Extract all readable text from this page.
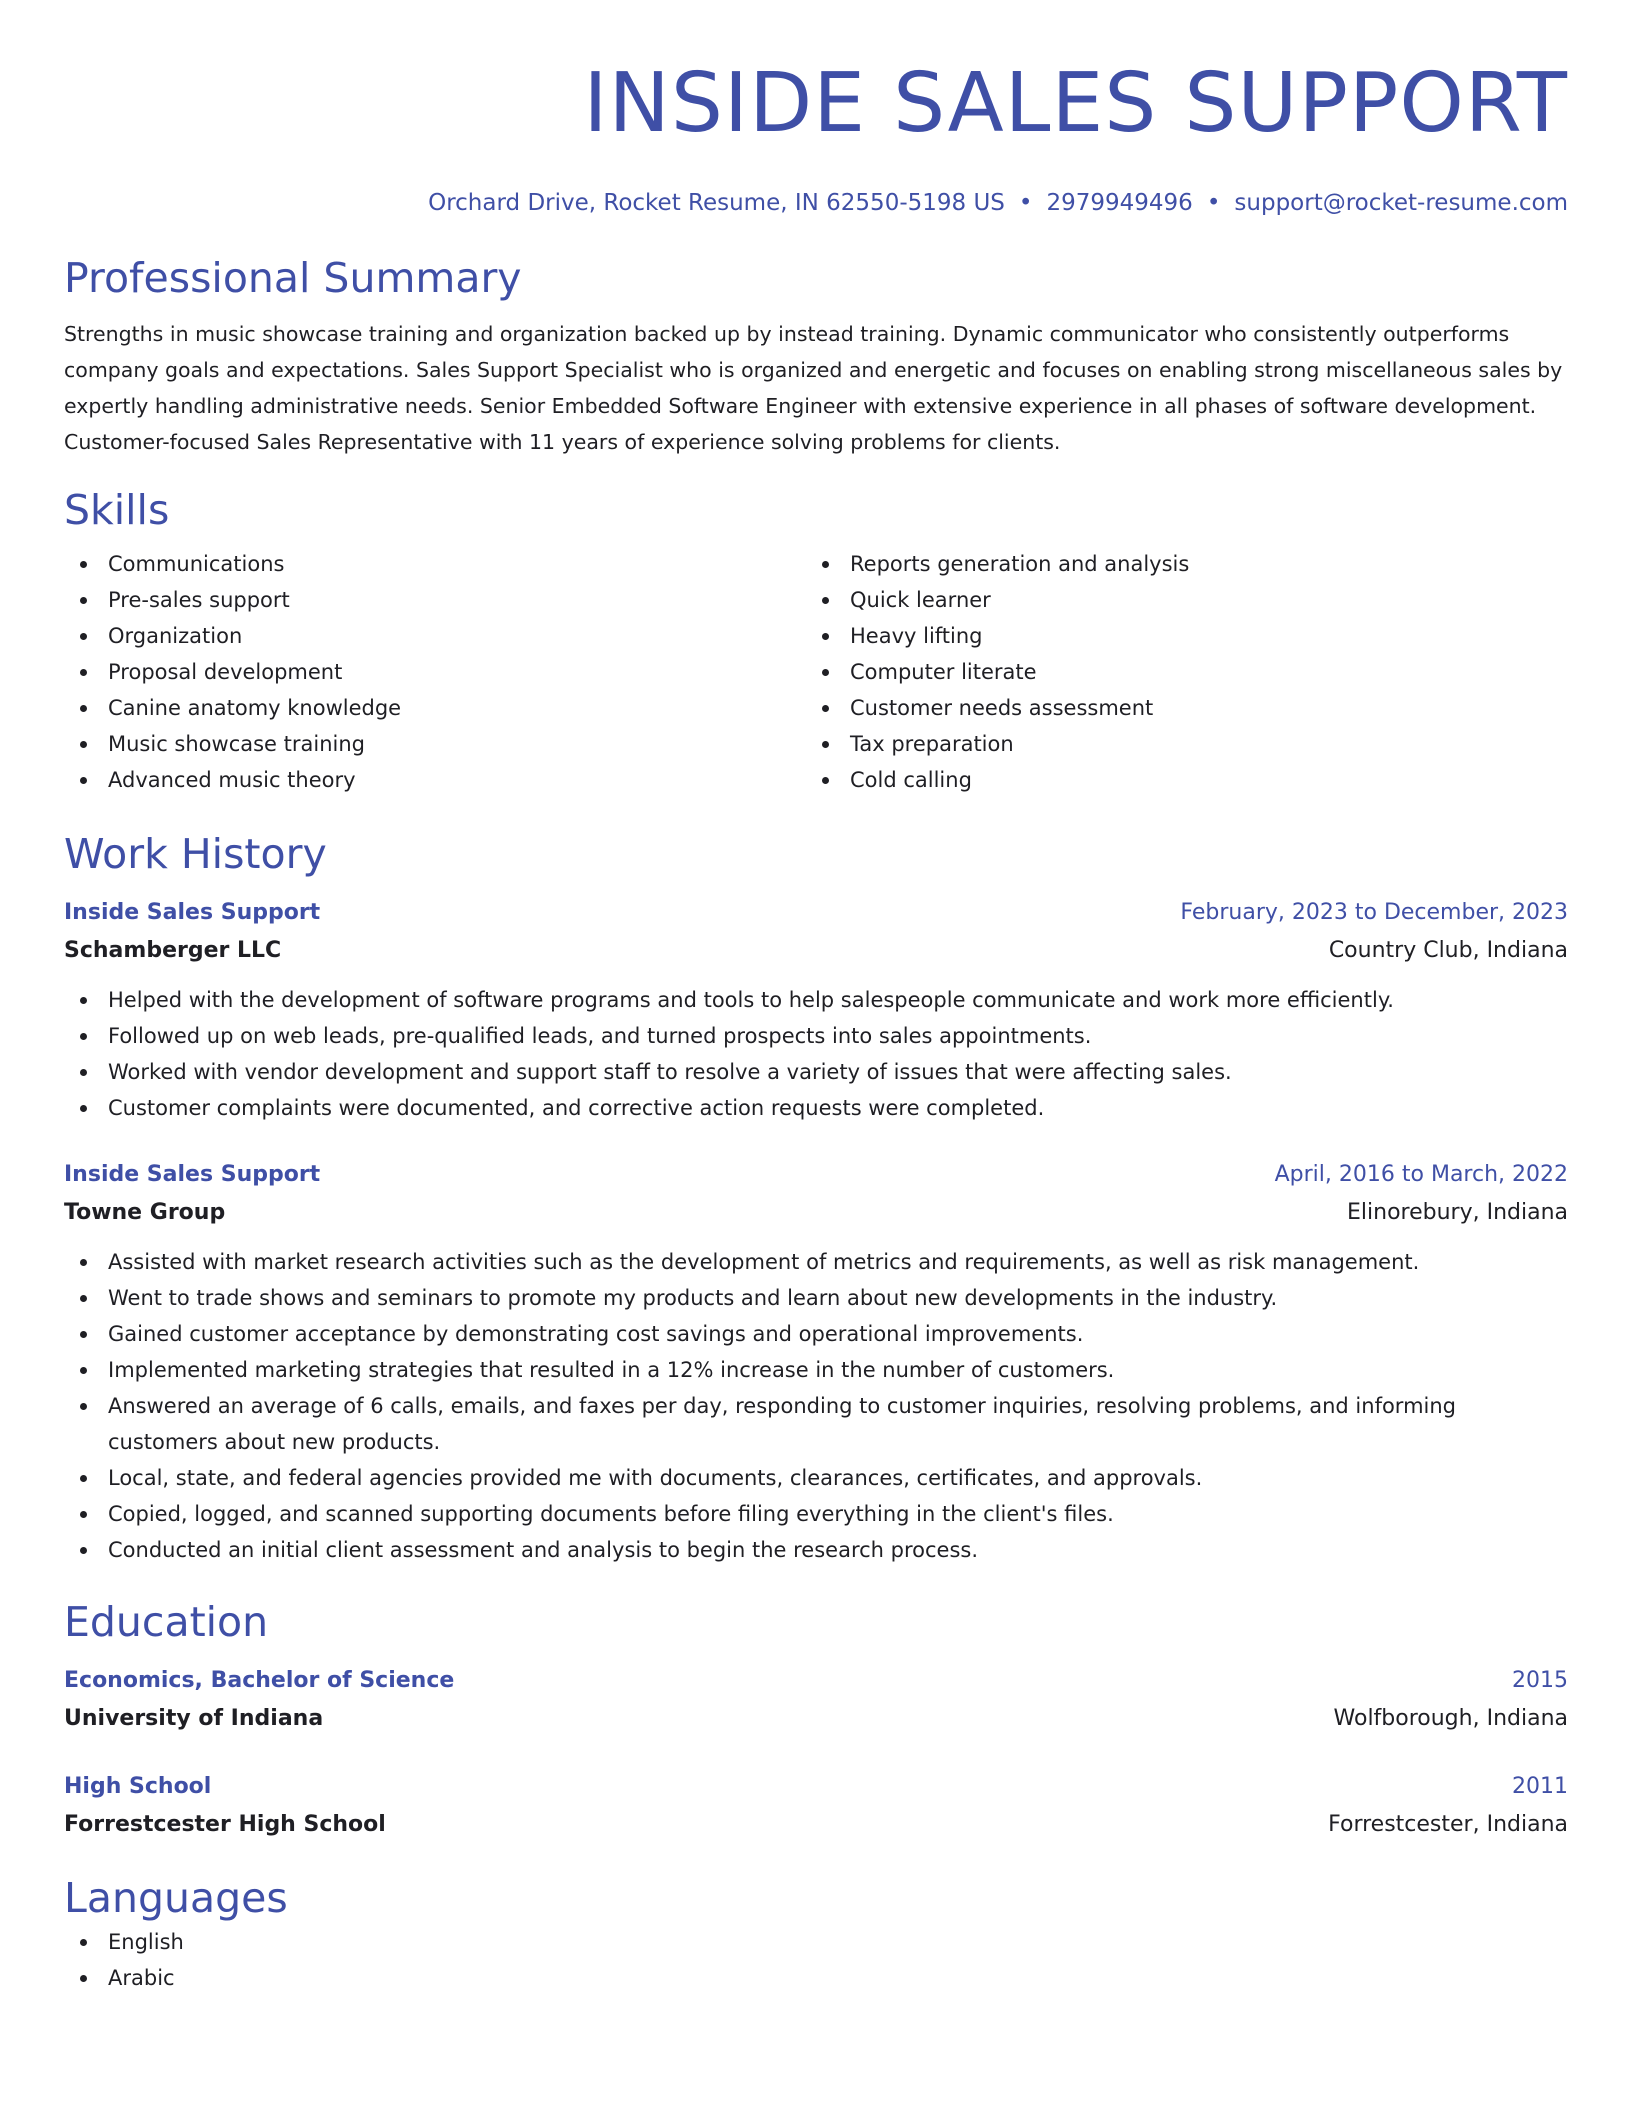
INSIDE SALES SUPPORT
Orchard Drive, Rocket Resume, IN 62550-5198 US • 2979949496 • support@rocket-resume.com
Professional Summary
Strengths in music showcase training and organization backed up by instead training. Dynamic communicator who consistently outperforms company goals and expectations. Sales Support Specialist who is organized and energetic and focuses on enabling strong miscellaneous sales by expertly handling administrative needs. Senior Embedded Software Engineer with extensive experience in all phases of software development. Customer-focused Sales Representative with 11 years of experience solving problems for clients.
Skills
Communications
Pre-sales support
Organization
Proposal development
Canine anatomy knowledge
Music showcase training
Advanced music theory
Reports generation and analysis
Quick learner
Heavy lifting
Computer literate
Customer needs assessment
Tax preparation
Cold calling
Work History
Inside Sales Support	February, 2023 to December, 2023
Schamberger LLC	Country Club, Indiana
Helped with the development of software programs and tools to help salespeople communicate and work more efficiently.
Followed up on web leads, pre-qualified leads, and turned prospects into sales appointments.
Worked with vendor development and support staff to resolve a variety of issues that were affecting sales.
Customer complaints were documented, and corrective action requests were completed.
Inside Sales Support	April, 2016 to March, 2022
Towne Group	Elinorebury, Indiana
Assisted with market research activities such as the development of metrics and requirements, as well as risk management.
Went to trade shows and seminars to promote my products and learn about new developments in the industry.
Gained customer acceptance by demonstrating cost savings and operational improvements.
Implemented marketing strategies that resulted in a 12% increase in the number of customers.
Answered an average of 6 calls, emails, and faxes per day, responding to customer inquiries, resolving problems, and informing customers about new products.
Local, state, and federal agencies provided me with documents, clearances, certificates, and approvals.
Copied, logged, and scanned supporting documents before filing everything in the client's files.
Conducted an initial client assessment and analysis to begin the research process.
Education
Economics, Bachelor of Science	2015
University of Indiana	Wolfborough, Indiana
High School	2011
Forrestcester High School	Forrestcester, Indiana
Languages
English
Arabic
